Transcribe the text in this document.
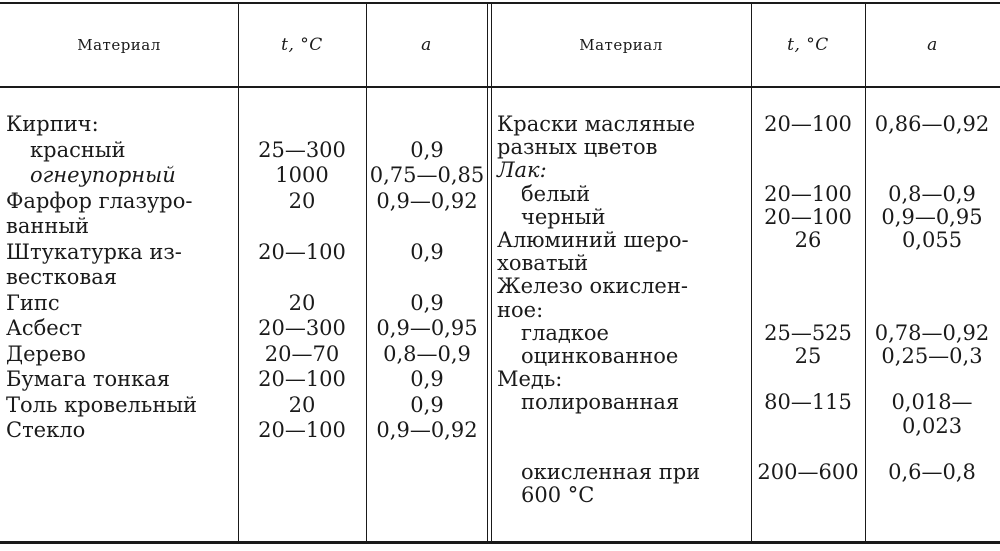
Материал	t, °C	a	Материал	t, °C	a
Кирпич:
красный	25—300	0,9
огнеупорный	1000	0,75—0,85
Фарфор глазуро-	20	0,9—0,92
ванный
Штукатурка из-	20—100	0,9
вестковая
Гипс	20	0,9
Асбест	20—300	0,9—0,95
Дерево	20—70	0,8—0,9
Бумага тонкая	20—100	0,9
Толь кровельный	20	0,9
Стекло	20—100	0,9—0,92
Краски масляные	20—100	0,86—0,92
разных цветов
Лак:
белый	20—100	0,8—0,9
черный	20—100	0,9—0,95
Алюминий шеро-	26	0,055
ховатый
Железо окислен-
ное:
гладкое	25—525	0,78—0,92
оцинкованное	25	0,25—0,3
Медь:
полированная	80—115	0,018—
0,023
окисленная при	200—600	0,6—0,8
600 °C
